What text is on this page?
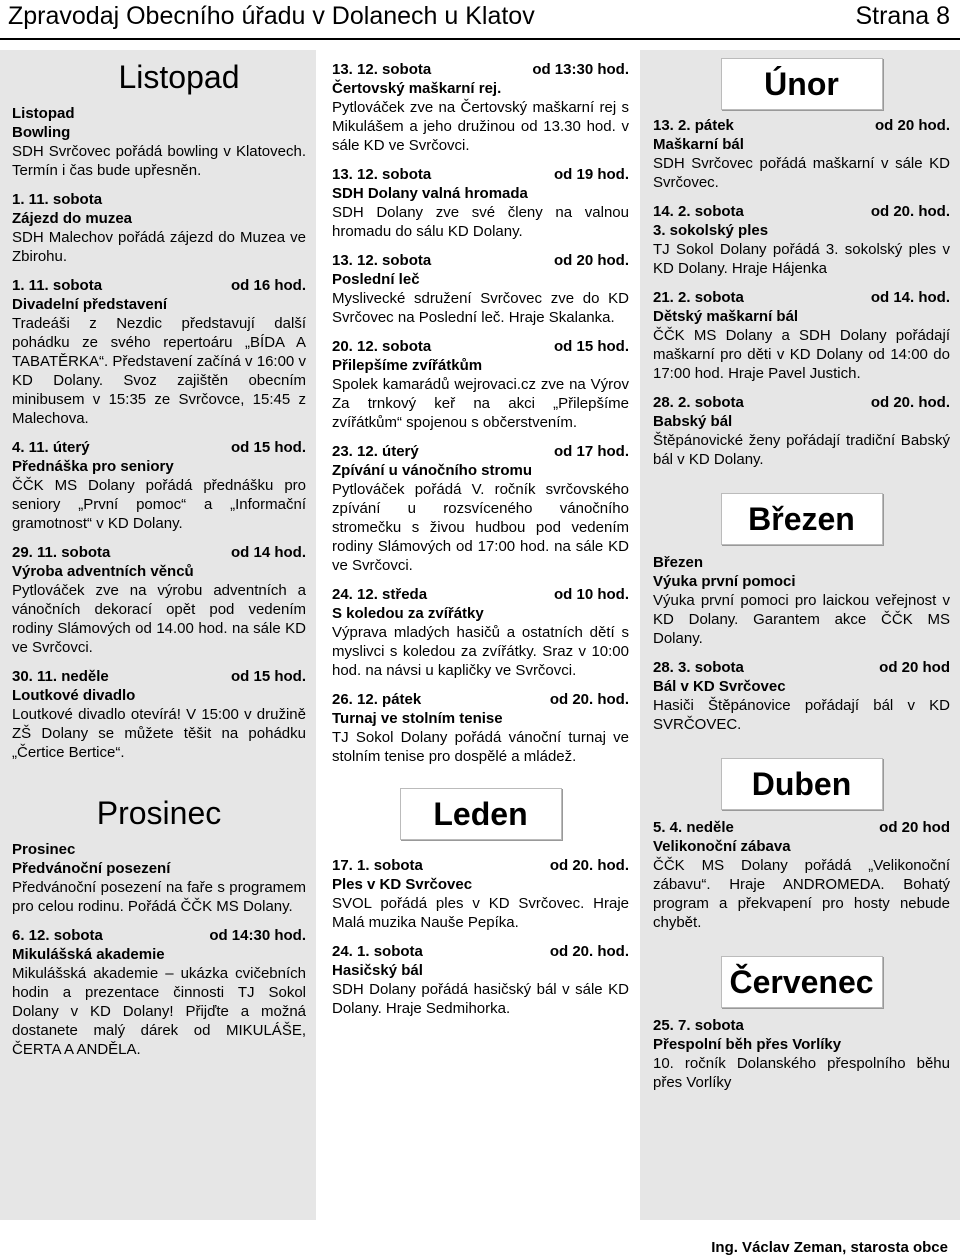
Zpravodaj Obecního úřadu v Dolanech u Klatov	Strana 8
Listopad
Listopad
Bowling
SDH Svrčovec pořádá bowling v Klatovech. Termín i čas bude upřesněn.
1. 11. sobota
Zájezd do muzea
SDH Malechov pořádá zájezd do Muzea ve Zbirohu.
1. 11. sobota	od 16 hod.
Divadelní představení
Tradeáši z Nezdic představují další pohádku ze svého repertoáru „BÍDA A TABATĚRKA“. Představení začíná v 16:00 v KD Dolany. Svoz zajištěn obecním minibusem v 15:35 ze Svrčovce, 15:45 z Malechova.
4. 11. úterý	od 15 hod.
Přednáška pro seniory
ČČK MS Dolany pořádá přednášku pro seniory „První pomoc“ a „Informační gramotnost“ v KD Dolany.
29. 11. sobota	od 14 hod.
Výroba adventních věnců
Pytlováček zve na výrobu adventních a vánočních dekorací opět pod vedením rodiny Slámových od 14.00 hod. na sále KD ve Svrčovci.
30. 11. neděle	od 15 hod.
Loutkové divadlo
Loutkové divadlo otevírá! V 15:00 v družině ZŠ Dolany se můžete těšit na pohádku „Čertice Bertice“.
Prosinec
Prosinec
Předvánoční posezení
Předvánoční posezení na faře s programem pro celou rodinu. Pořádá ČČK MS Dolany.
6. 12. sobota	od 14:30 hod.
Mikulášská akademie
Mikulášská akademie – ukázka cvičebních hodin a prezentace činnosti TJ Sokol Dolany v KD Dolany! Přijďte a možná dostanete malý dárek od MIKULÁŠE, ČERTA A ANDĚLA.
13. 12. sobota	od 13:30 hod.
Čertovský maškarní rej.
Pytlováček zve na Čertovský maškarní rej s Mikulášem a jeho družinou od 13.30 hod. v sále KD ve Svrčovci.
13. 12. sobota	od 19 hod.
SDH Dolany valná hromada
SDH Dolany zve své členy na valnou hromadu do sálu KD Dolany.
13. 12. sobota	od 20 hod.
Poslední leč
Myslivecké sdružení Svrčovec zve do KD Svrčovec na Poslední leč. Hraje Skalanka.
20. 12. sobota	od 15 hod.
Přilepšíme zvířátkům
Spolek kamarádů wejrovaci.cz zve na Výrov Za trnkový keř na akci „Přilepšíme zvířátkům“ spojenou s občerstvením.
23. 12. úterý	od 17 hod.
Zpívání u vánočního stromu
Pytlováček pořádá V. ročník svrčovského zpívání u rozsvíceného vánočního stromečku s živou hudbou pod vedením rodiny Slámových od 17:00 hod. na sále KD ve Svrčovci.
24. 12. středa	od 10 hod.
S koledou za zvířátky
Výprava mladých hasičů a ostatních dětí s myslivci s koledou za zvířátky. Sraz v 10:00 hod. na návsi u kapličky ve Svrčovci.
26. 12. pátek	od 20. hod.
Turnaj ve stolním tenise
TJ Sokol Dolany pořádá vánoční turnaj ve stolním tenise pro dospělé a mládež.
Leden
17. 1. sobota	od 20. hod.
Ples v KD Svrčovec
SVOL pořádá ples v KD Svrčovec. Hraje Malá muzika Nauše Pepíka.
24. 1. sobota	od 20. hod.
Hasičský bál
SDH Dolany pořádá hasičský bál v sále KD Dolany. Hraje Sedmihorka.
Únor
13. 2. pátek	od 20 hod.
Maškarní bál
SDH Svrčovec pořádá maškarní v sále KD Svrčovec.
14. 2. sobota	od 20. hod.
3. sokolský ples
TJ Sokol Dolany pořádá 3. sokolský ples v KD Dolany. Hraje Hájenka
21. 2. sobota	od 14. hod.
Dětský maškarní bál
ČČK MS Dolany a SDH Dolany pořádají maškarní pro děti v KD Dolany od 14:00 do 17:00 hod. Hraje Pavel Justich.
28. 2. sobota	od 20. hod.
Babský bál
Štěpánovické ženy pořádají tradiční Babský bál v KD Dolany.
Březen
Březen
Výuka první pomoci
Výuka první pomoci pro laickou veřejnost v KD Dolany. Garantem akce ČČK MS Dolany.
28. 3. sobota	od 20 hod
Bál v KD Svrčovec
Hasiči Štěpánovice pořádají bál v KD SVRČOVEC.
Duben
5. 4. neděle	od 20 hod
Velikonoční zábava
ČČK MS Dolany pořádá „Velikonoční zábavu“. Hraje ANDROMEDA. Bohatý program a překvapení pro hosty nebude chybět.
Červenec
25. 7. sobota
Přespolní běh přes Vorlíky
10. ročník Dolanského přespolního běhu přes Vorlíky
Ing. Václav Zeman, starosta obce
